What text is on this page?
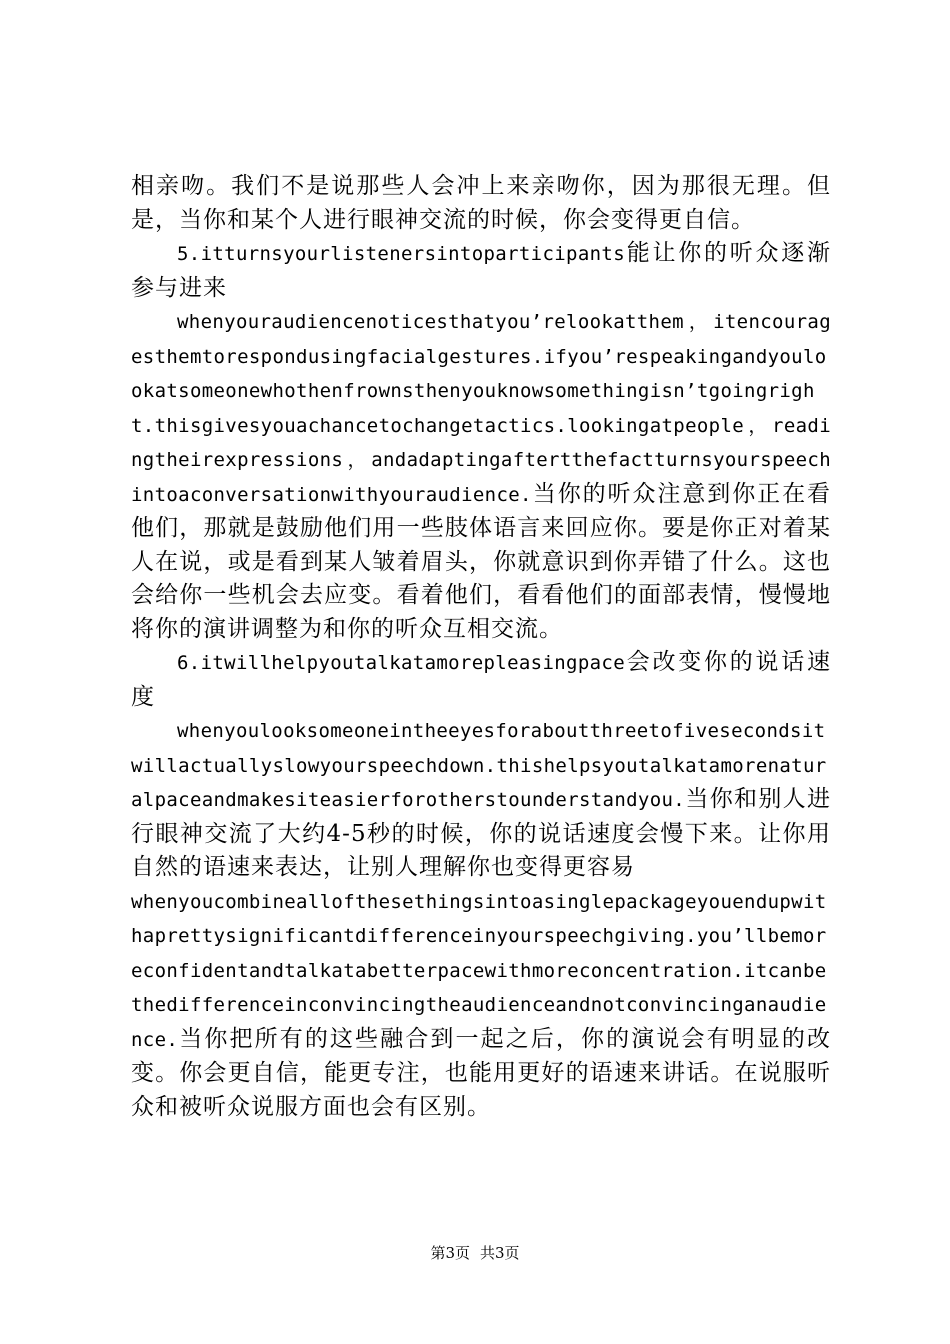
相亲吻。我们不是说那些人会冲上来亲吻你，因为那很无理。但是，当你和某个人进行眼神交流的时候，你会变得更自信。

5.itturnsyourlistenersintoparticipants能让你的听众逐渐参与进来

whenyouraudiencenoticesthatyou’relookatthem，itencouragesthemtorespondusingfacialgestures.ifyou’respeakingandyoulookatsomeonewhothenfrownsthenyouknowsomethingisn’tgoingright.thisgivesyouachancetochangetactics.lookingatpeople，readingtheirexpressions，andadaptingaftertthefactturnsyourspeechintoaconversationwithyouraudience.当你的听众注意到你正在看他们，那就是鼓励他们用一些肢体语言来回应你。要是你正对着某人在说，或是看到某人皱着眉头，你就意识到你弄错了什么。这也会给你一些机会去应变。看着他们，看看他们的面部表情，慢慢地将你的演讲调整为和你的听众互相交流。

6.itwillhelpyoutalkatamorepleasingpace会改变你的说话速度

whenyoulooksomeoneintheeyesforaboutthreetofivesecondsitwillactuallyslowyourspeechdown.thishelpsyoutalkatamorenaturalpaceandmakesiteasierforotherstounderstandyou.当你和别人进行眼神交流了大约4-5秒的时候，你的说话速度会慢下来。让你用自然的语速来表达，让别人理解你也变得更容易

whenyoucombineallofthesethingsintoasinglepackageyouendupwithaprettysignificantdifferenceinyourspeechgiving.you’llbemoreconfidentandtalkatabetterpacewithmoreconcentration.itcanbethedifferenceinconvincingtheaudienceandnotconvincinganaudience.当你把所有的这些融合到一起之后，你的演说会有明显的改变。你会更自信，能更专注，也能用更好的语速来讲话。在说服听众和被听众说服方面也会有区别。

第3页 共3页
